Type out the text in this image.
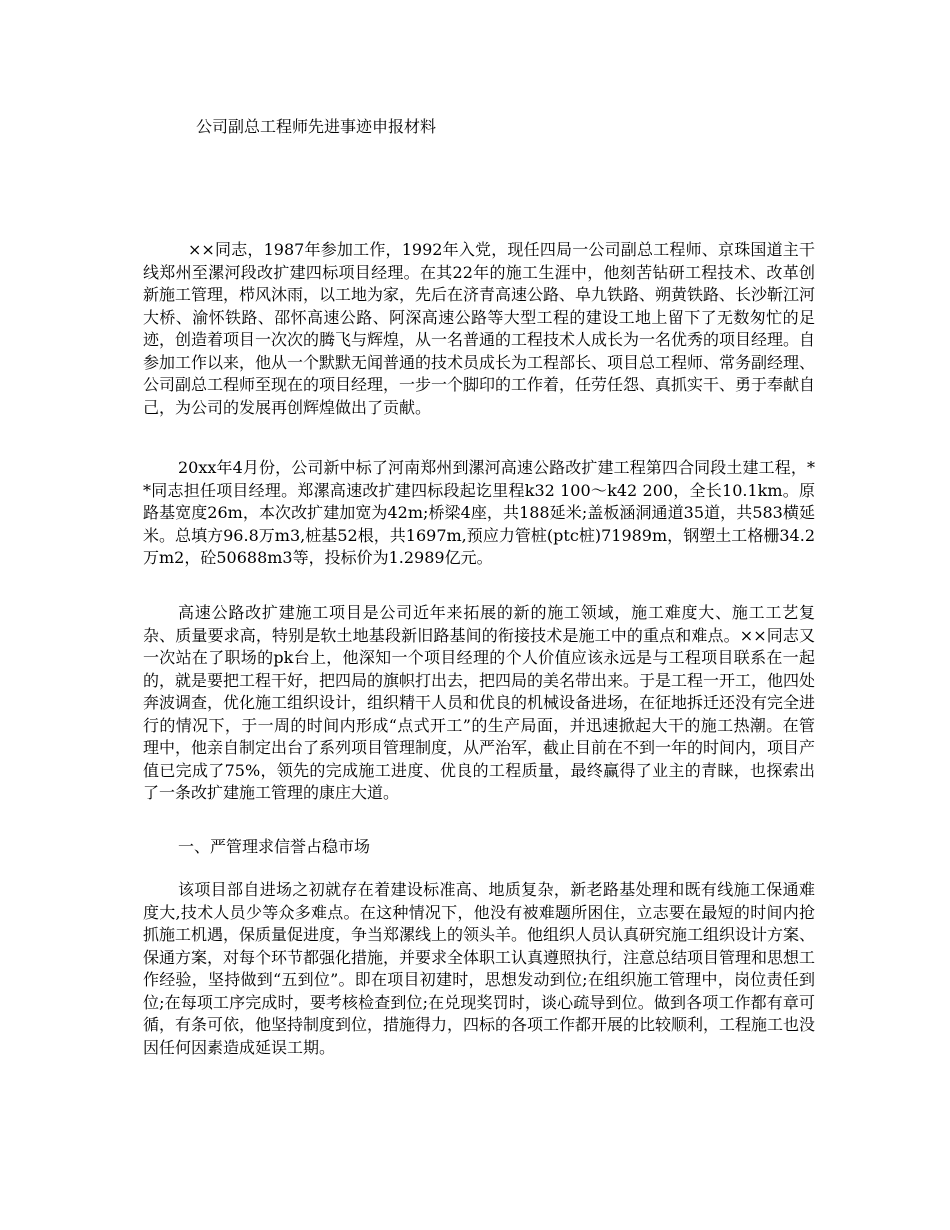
公司副总工程师先进事迹申报材料

××同志，1987年参加工作，1992年入党，现任四局一公司副总工程师、京珠国道主干线郑州至漯河段改扩建四标项目经理。在其22年的施工生涯中，他刻苦钻研工程技术、改革创新施工管理，栉风沐雨，以工地为家，先后在济青高速公路、阜九铁路、朔黄铁路、长沙靳江河大桥、渝怀铁路、邵怀高速公路、阿深高速公路等大型工程的建设工地上留下了无数匆忙的足迹，创造着项目一次次的腾飞与辉煌，从一名普通的工程技术人成长为一名优秀的项目经理。自参加工作以来，他从一个默默无闻普通的技术员成长为工程部长、项目总工程师、常务副经理、公司副总工程师至现在的项目经理，一步一个脚印的工作着，任劳任怨、真抓实干、勇于奉献自己，为公司的发展再创辉煌做出了贡献。

20xx年4月份，公司新中标了河南郑州到漯河高速公路改扩建工程第四合同段土建工程，**同志担任项目经理。郑漯高速改扩建四标段起讫里程k32 100～k42 200，全长10.1km。原路基宽度26m，本次改扩建加宽为42m;桥梁4座，共188延米;盖板涵洞通道35道，共583横延米。总填方96.8万m3,桩基52根，共1697m,预应力管桩(ptc桩)71989m，钢塑土工格栅34.2万m2，砼50688m3等，投标价为1.2989亿元。

高速公路改扩建施工项目是公司近年来拓展的新的施工领域，施工难度大、施工工艺复杂、质量要求高，特别是软土地基段新旧路基间的衔接技术是施工中的重点和难点。××同志又一次站在了职场的pk台上，他深知一个项目经理的个人价值应该永远是与工程项目联系在一起的，就是要把工程干好，把四局的旗帜打出去，把四局的美名带出来。于是工程一开工，他四处奔波调查，优化施工组织设计，组织精干人员和优良的机械设备进场，在征地拆迁还没有完全进行的情况下，于一周的时间内形成“点式开工”的生产局面，并迅速掀起大干的施工热潮。在管理中，他亲自制定出台了系列项目管理制度，从严治军，截止目前在不到一年的时间内，项目产值已完成了75%，领先的完成施工进度、优良的工程质量，最终赢得了业主的青睐，也探索出了一条改扩建施工管理的康庄大道。

一、严管理求信誉占稳市场

该项目部自进场之初就存在着建设标准高、地质复杂，新老路基处理和既有线施工保通难度大,技术人员少等众多难点。在这种情况下，他没有被难题所困住，立志要在最短的时间内抢抓施工机遇，保质量促进度，争当郑漯线上的领头羊。他组织人员认真研究施工组织设计方案、保通方案，对每个环节都强化措施，并要求全体职工认真遵照执行，注意总结项目管理和思想工作经验，坚持做到“五到位”。即在项目初建时，思想发动到位;在组织施工管理中，岗位责任到位;在每项工序完成时，要考核检查到位;在兑现奖罚时，谈心疏导到位。做到各项工作都有章可循，有条可依，他坚持制度到位，措施得力，四标的各项工作都开展的比较顺利，工程施工也没因任何因素造成延误工期。
